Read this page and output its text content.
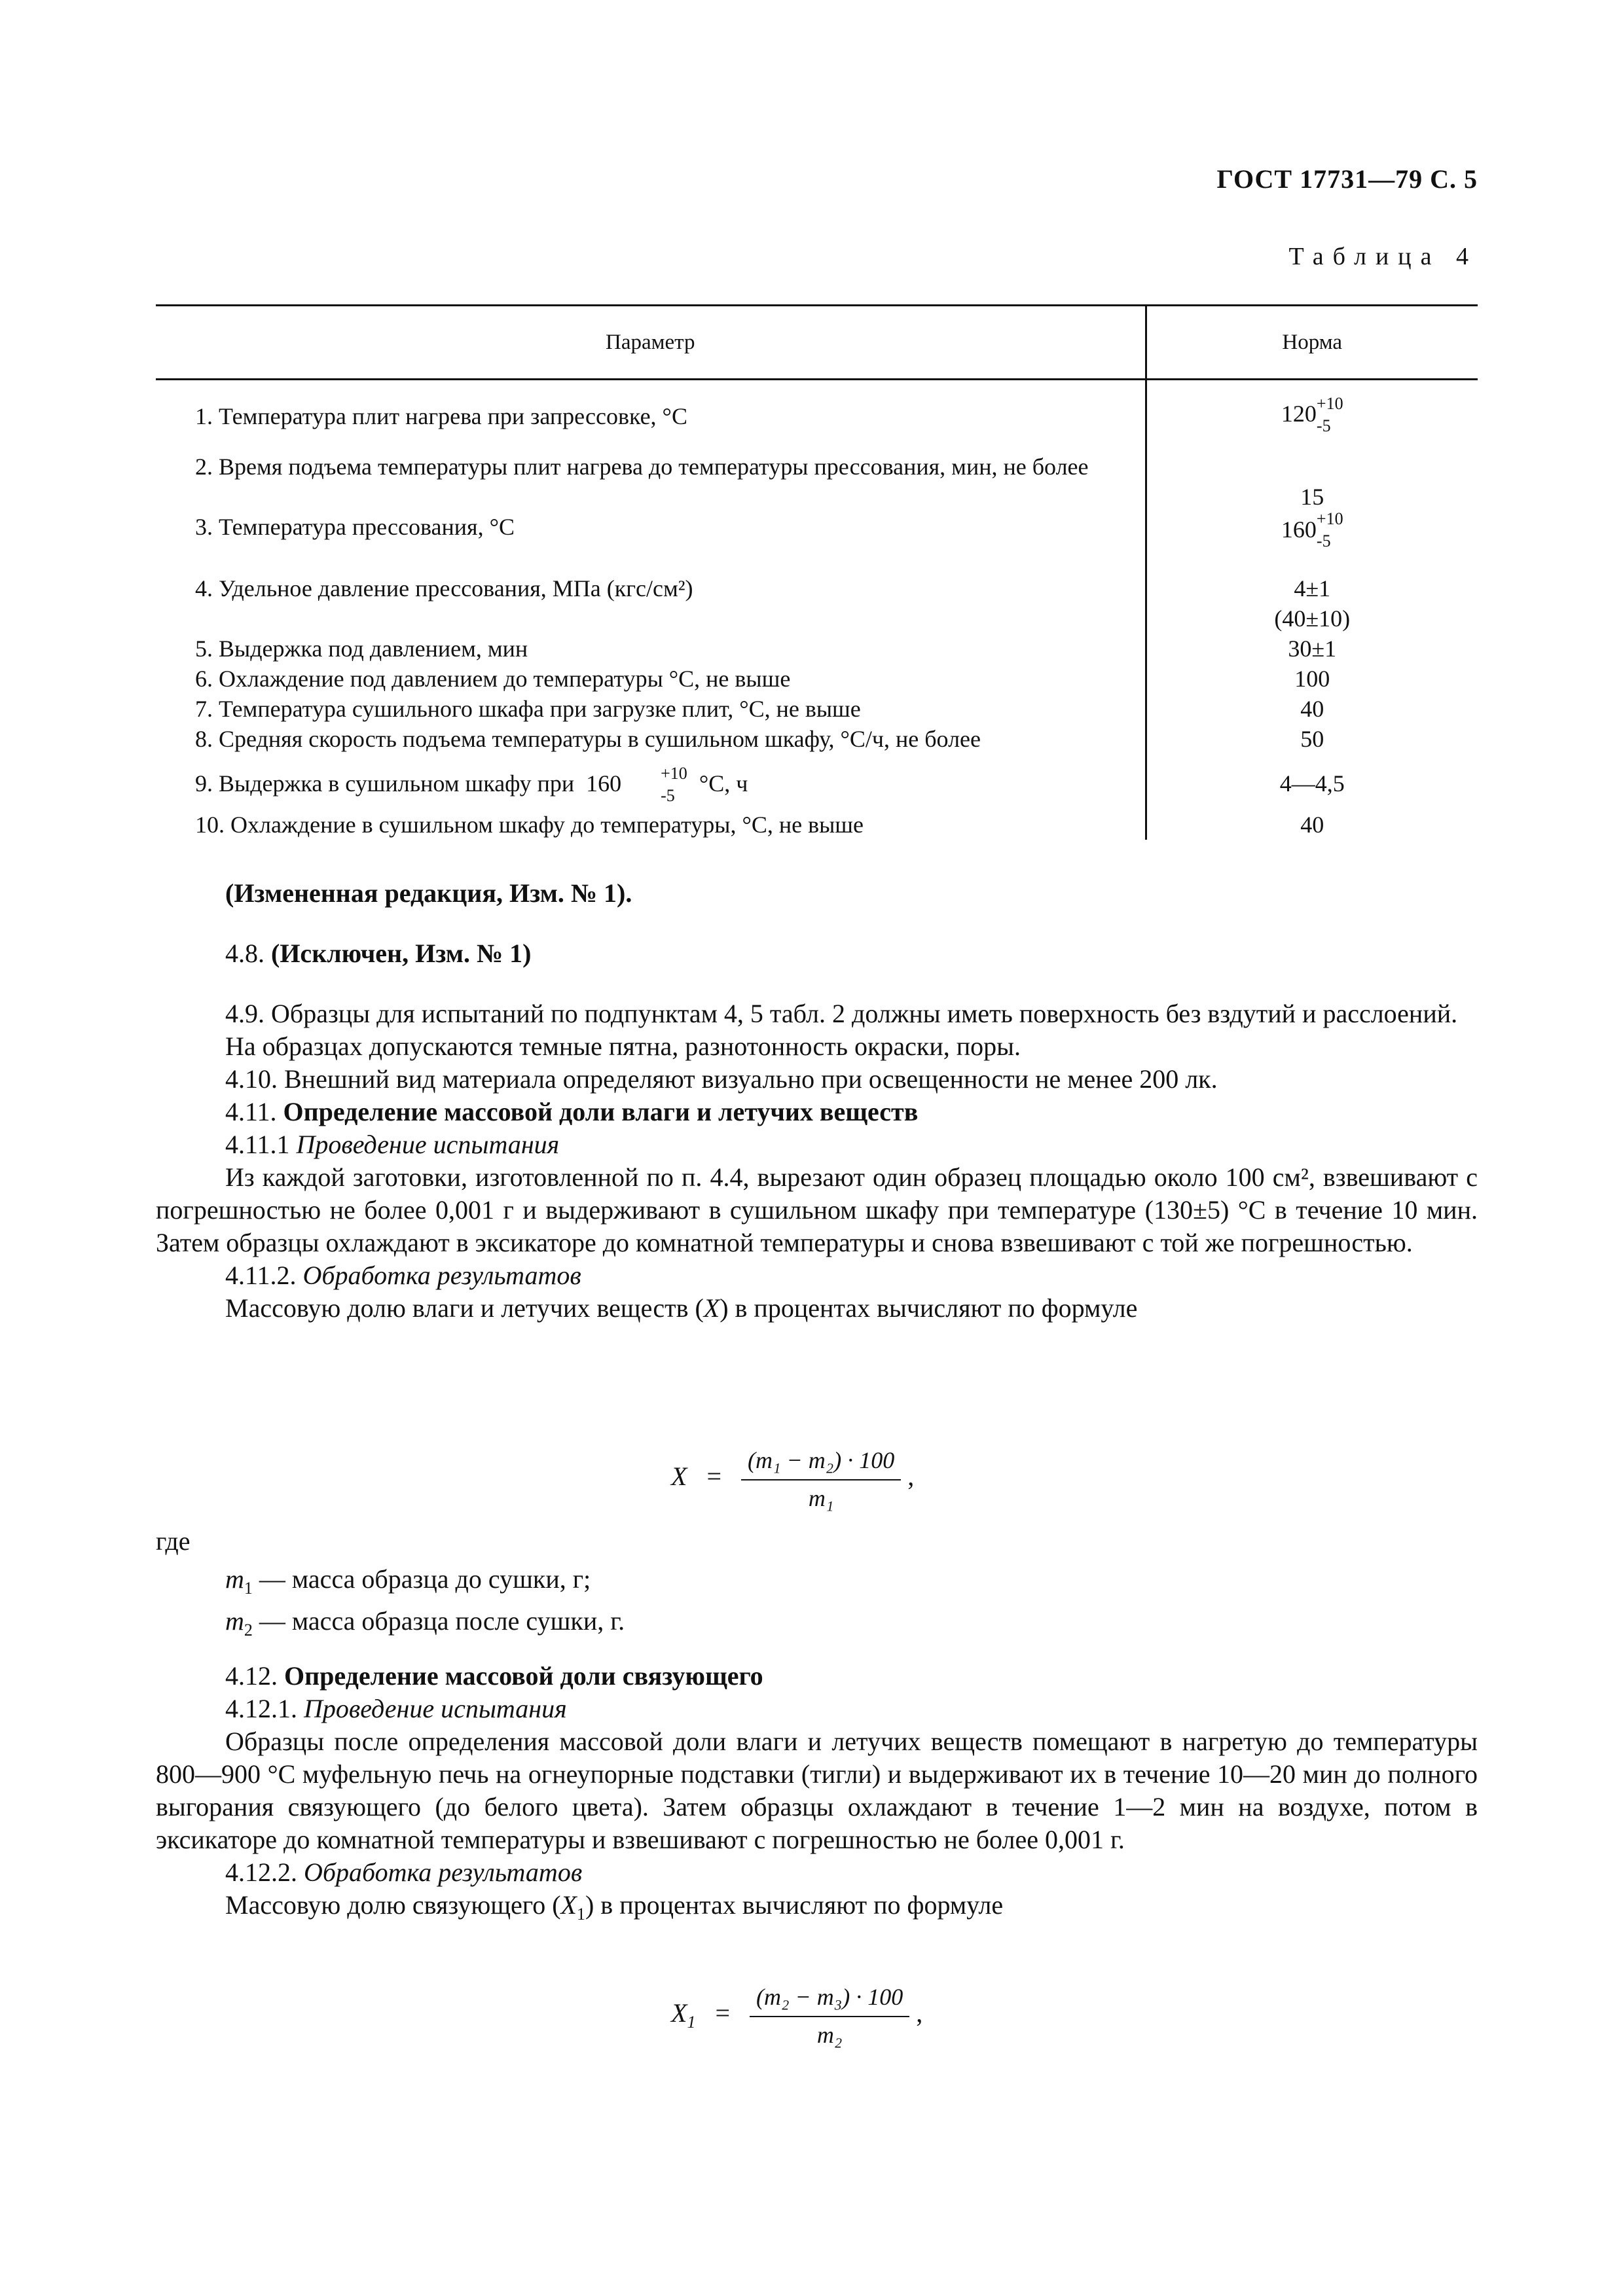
ГОСТ 17731—79 С. 5
Таблица 4
Параметр	Норма
1. Температура плит нагрева при запрессовке, °С	120 +10
-5

2. Время подъема температуры плит нагрева до температуры прессования, мин, не более	15
3. Температура прессования, °С	160 +10
-5

4. Удельное давление прессования, МПа (кгс/см²)	4±1
(40±10)

5. Выдержка под давлением, мин	30±1
6. Охлаждение под давлением до температуры °С, не выше	100
7. Температура сушильного шкафа при загрузке плит, °С, не выше	40
8. Средняя скорость подъема температуры в сушильном шкафу, °С/ч, не более	50
9. Выдержка в сушильном шкафу при 160 +10
-5 °С, ч	4—4,5
10. Охлаждение в сушильном шкафу до температуры, °С, не выше	40
(Измененная редакция, Изм. № 1).
4.8. (Исключен, Изм. № 1)
4.9. Образцы для испытаний по подпунктам 4, 5 табл. 2 должны иметь поверхность без вздутий и расслоений.
На образцах допускаются темные пятна, разнотонность окраски, поры.
4.10. Внешний вид материала определяют визуально при освещенности не менее 200 лк.
4.11. Определение массовой доли влаги и летучих веществ
4.11.1 Проведение испытания
Из каждой заготовки, изготовленной по п. 4.4, вырезают один образец площадью около 100 см², взвешивают с погрешностью не более 0,001 г и выдерживают в сушильном шкафу при температуре (130±5) °С в течение 10 мин. Затем образцы охлаждают в эксикаторе до комнатной температуры и снова взвешивают с той же погрешностью.
4.11.2. Обработка результатов
Массовую долю влаги и летучих веществ (X) в процентах вычисляют по формуле
$X = \frac{\text{(m₁ − m₂) · 100}}{\text{m₁}}$ ,
где
$m_1$ — масса образца до сушки, г;
$m_2$ — масса образца после сушки, г.
4.12. Определение массовой доли связующего
4.12.1. Проведение испытания
Образцы после определения массовой доли влаги и летучих веществ помещают в нагретую до температуры 800—900 °С муфельную печь на огнеупорные подставки (тигли) и выдерживают их в течение 10—20 мин до полного выгорания связующего (до белого цвета). Затем образцы охлаждают в течение 1—2 мин на воздухе, потом в эксикаторе до комнатной температуры и взвешивают с погрешностью не более 0,001 г.
4.12.2. Обработка результатов
Массовую долю связующего $(X_1)$ в процентах вычисляют по формуле
$X_1 = \frac{\text{(m₂ − m₃) · 100}}{\text{m₂}}$ ,
